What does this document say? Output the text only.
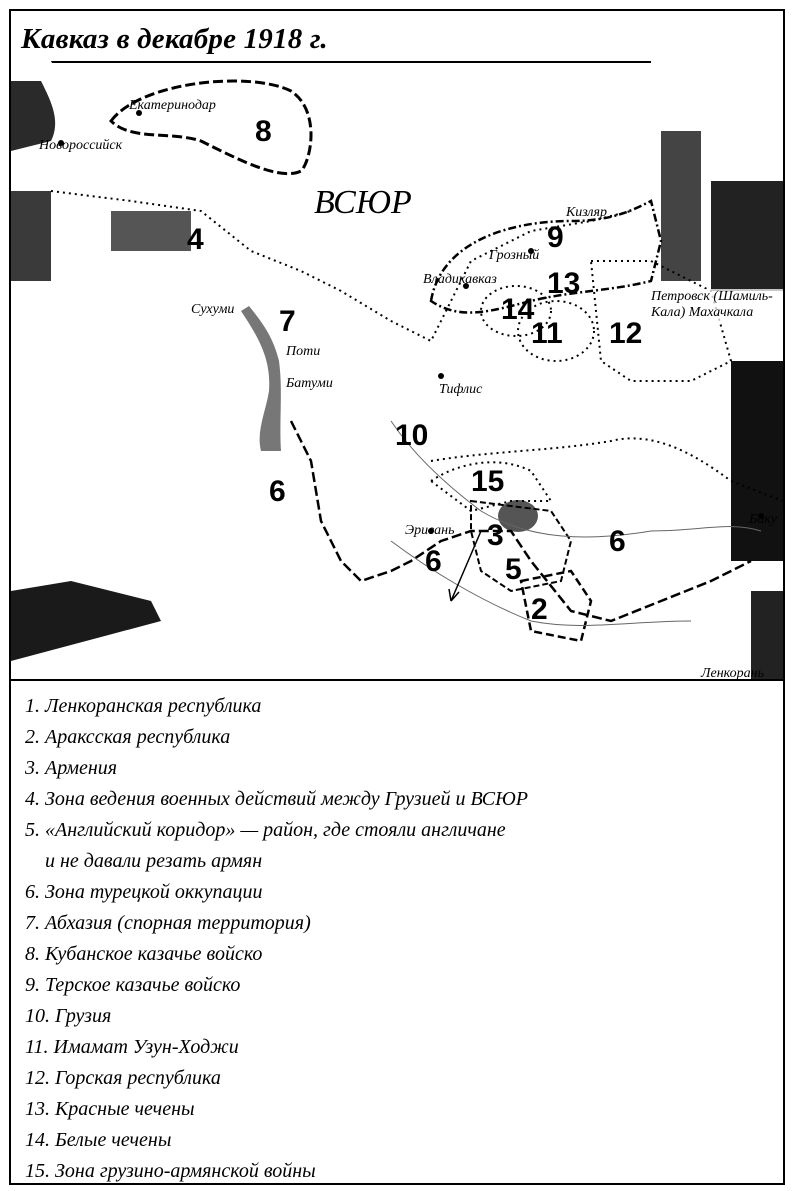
Кавказ в декабре 1918 г.
Екатеринодар
Новороссийск
ВСЮР	Кизляр
Грозный
Владикавказ
Сухуми
Поти
Батуми	Тифлис
Эривань
Баку
Ленкорань
Петровск (Шамиль-Кала) Махачкала
8
4
7
9
13
14
11 12
10
6	15
3	6
6 5
2
1. Ленкоранская республика
2. Араксская республика
3. Армения
4. Зона ведения военных действий между Грузией и ВСЮР
5. «Английский коридор» — район, где стояли англичане
и не давали резать армян
6. Зона турецкой оккупации
7. Абхазия (спорная территория)
8. Кубанское казачье войско
9. Терское казачье войско
10. Грузия
11. Имамат Узун-Ходжи
12. Горская республика
13. Красные чечены
14. Белые чечены
15. Зона грузино-армянской войны
